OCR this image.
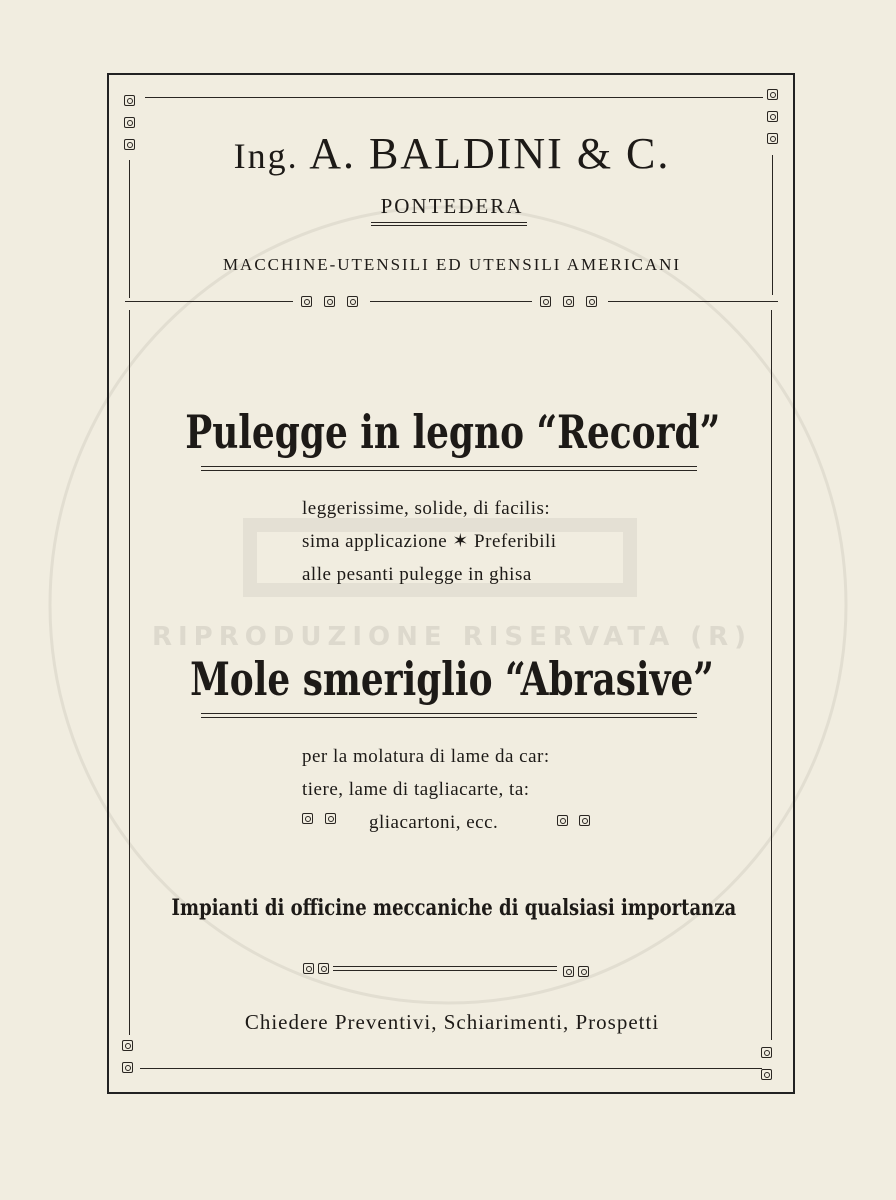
RIPRODUZIONE RISERVATA (R)
Ing. A. BALDINI & C.
PONTEDERA
MACCHINE-UTENSILI ED UTENSILI AMERICANI
Pulegge in legno “Record”
leggerissime, solide, di facilis:
sima applicazione ✶ Preferibili
alle pesanti pulegge in ghisa
Mole smeriglio “Abrasive”
per la molatura di lame da car:
tiere, lame di tagliacarte, ta:
gliacartoni, ecc.
Impianti di officine meccaniche di qualsiasi importanza
Chiedere Preventivi, Schiarimenti, Prospetti
